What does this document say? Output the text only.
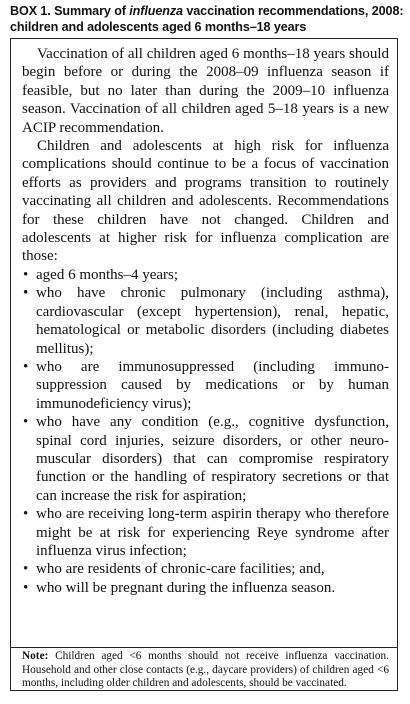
BOX 1. Summary of influenza vaccination recommendations, 2008: children and adolescents aged 6 months–18 years

Vaccination of all children aged 6 months–18 years should begin before or during the 2008–09 influenza season if feasible, but no later than during the 2009–10 influenza season. Vaccination of all children aged 5–18 years is a new ACIP recommendation.

Children and adolescents at high risk for influenza complications should continue to be a focus of vaccination efforts as providers and programs transition to routinely vaccinating all children and adolescents. Recommendations for these children have not changed. Children and adolescents at higher risk for influenza complication are those:

• aged 6 months–4 years;
• who have chronic pulmonary (including asthma), cardiovascular (except hypertension), renal, hepatic, hematological or metabolic disorders (including diabetes mellitus);
• who are immunosuppressed (including immunosuppression caused by medications or by human immunodeficiency virus);
• who have any condition (e.g., cognitive dysfunction, spinal cord injuries, seizure disorders, or other neuromuscular disorders) that can compromise respiratory function or the handling of respiratory secretions or that can increase the risk for aspiration;
• who are receiving long-term aspirin therapy who therefore might be at risk for experiencing Reye syndrome after influenza virus infection;
• who are residents of chronic-care facilities; and,
• who will be pregnant during the influenza season.
Note: Children aged <6 months should not receive influenza vaccination. Household and other close contacts (e.g., daycare providers) of children aged <6 months, including older children and adolescents, should be vaccinated.
